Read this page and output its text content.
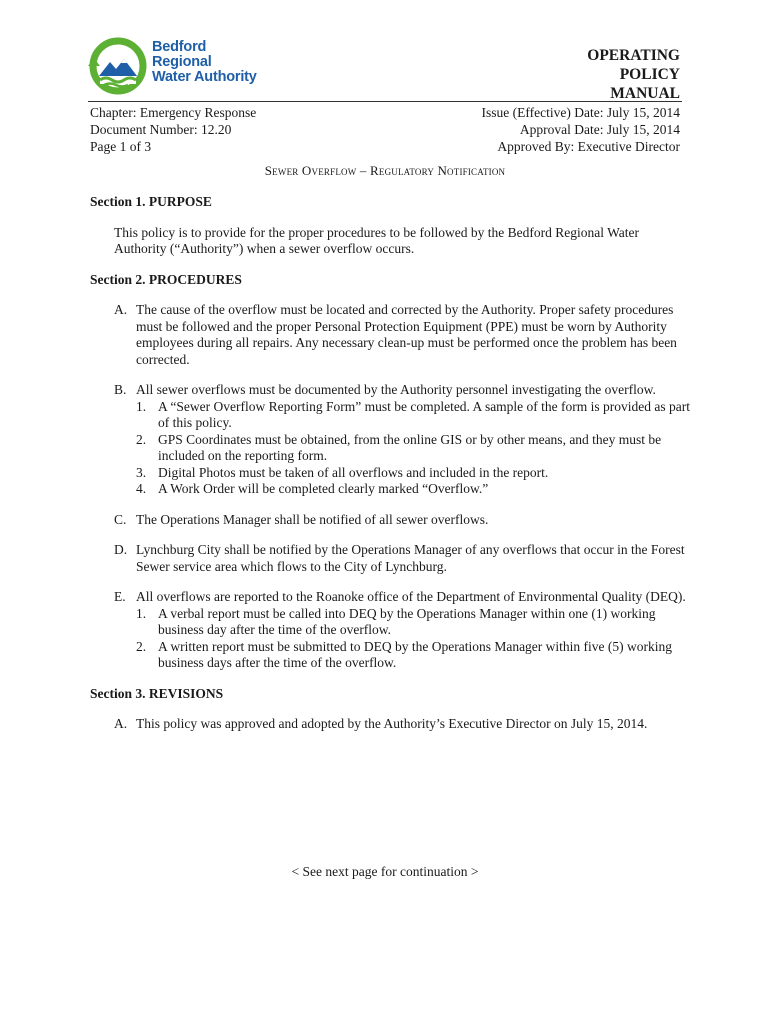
Bedford
Regional
Water Authority
OPERATING
POLICY
MANUAL
Chapter: Emergency Response
Document Number: 12.20
Page 1 of 3
Issue (Effective) Date: July 15, 2014
Approval Date: July 15, 2014
Approved By: Executive Director
Sewer Overflow – Regulatory Notification
Section 1. PURPOSE
This policy is to provide for the proper procedures to be followed by the Bedford Regional Water Authority (“Authority”) when a sewer overflow occurs.
Section 2. PROCEDURES
A. The cause of the overflow must be located and corrected by the Authority. Proper safety procedures must be followed and the proper Personal Protection Equipment (PPE) must be worn by Authority employees during all repairs. Any necessary clean-up must be performed once the problem has been corrected.
B. All sewer overflows must be documented by the Authority personnel investigating the overflow.
1. A “Sewer Overflow Reporting Form” must be completed. A sample of the form is provided as part of this policy.
2. GPS Coordinates must be obtained, from the online GIS or by other means, and they must be included on the reporting form.
3. Digital Photos must be taken of all overflows and included in the report.
4. A Work Order will be completed clearly marked “Overflow.”
C. The Operations Manager shall be notified of all sewer overflows.
D. Lynchburg City shall be notified by the Operations Manager of any overflows that occur in the Forest Sewer service area which flows to the City of Lynchburg.
E. All overflows are reported to the Roanoke office of the Department of Environmental Quality (DEQ).
1. A verbal report must be called into DEQ by the Operations Manager within one (1) working business day after the time of the overflow.
2. A written report must be submitted to DEQ by the Operations Manager within five (5) working business days after the time of the overflow.
Section 3. REVISIONS
A. This policy was approved and adopted by the Authority’s Executive Director on July 15, 2014.
< See next page for continuation >
